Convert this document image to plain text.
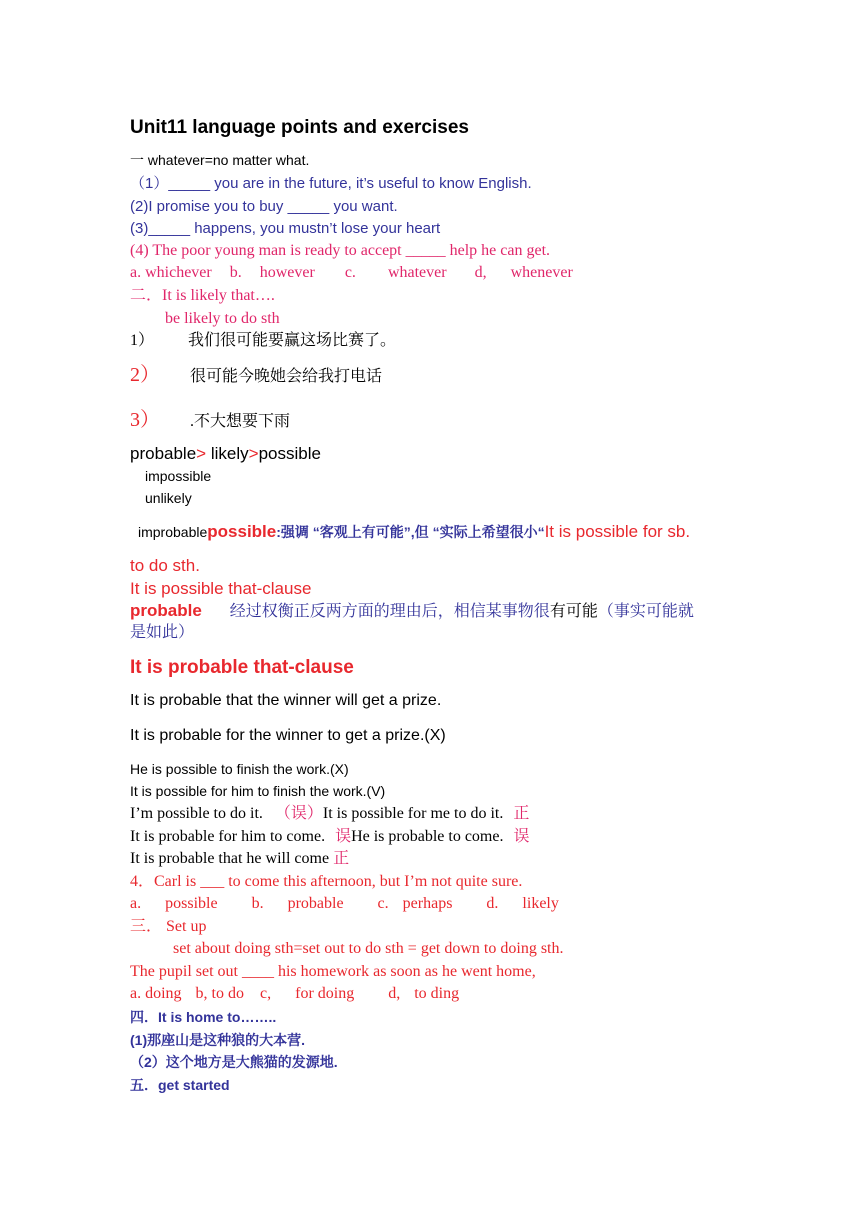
Unit11 language points and exercises
一 whatever=no matter what.
（1）_____ you are in the future, it’s useful to know English.
(2)I promise you to buy _____ you want.
(3)_____ happens, you mustn’t lose your heart
(4) The poor young man is ready to accept _____ help he can get.
a. whichever b. however c. whatever d, whenever
二．It is likely that….
be likely to do sth
1） 我们很可能要赢这场比赛了。
2） 很可能今晚她会给我打电话
3） .不大想要下雨
probable> likely>possible
impossible
unlikely
improbablepossible:强调 “客观上有可能”,但 “实际上希望很小“It is possible for sb.
to do sth.
It is possible that-clause
probable 经过权衡正反两方面的理由后，相信某事物很有可能（事实可能就
是如此）
It is probable that-clause
It is probable that the winner will get a prize.
It is probable for the winner to get a prize.(X)
He is possible to finish the work.(X)
It is possible for him to finish the work.(V)
I’m possible to do it. （误）It is possible for me to do it. 正
It is probable for him to come. 误He is probable to come. 误
It is probable that he will come 正
4．Carl is ___ to come this afternoon, but I’m not quite sure.
a. possible b. probable c. perhaps d. likely
三． Set up
set about doing sth=set out to do sth = get down to doing sth.
The pupil set out ____ his homework as soon as he went home,
a. doing b, to do c, for doing d, to ding
四．It is home to……..
(1)那座山是这种狼的大本营.
（2）这个地方是大熊猫的发源地.
五．get started
